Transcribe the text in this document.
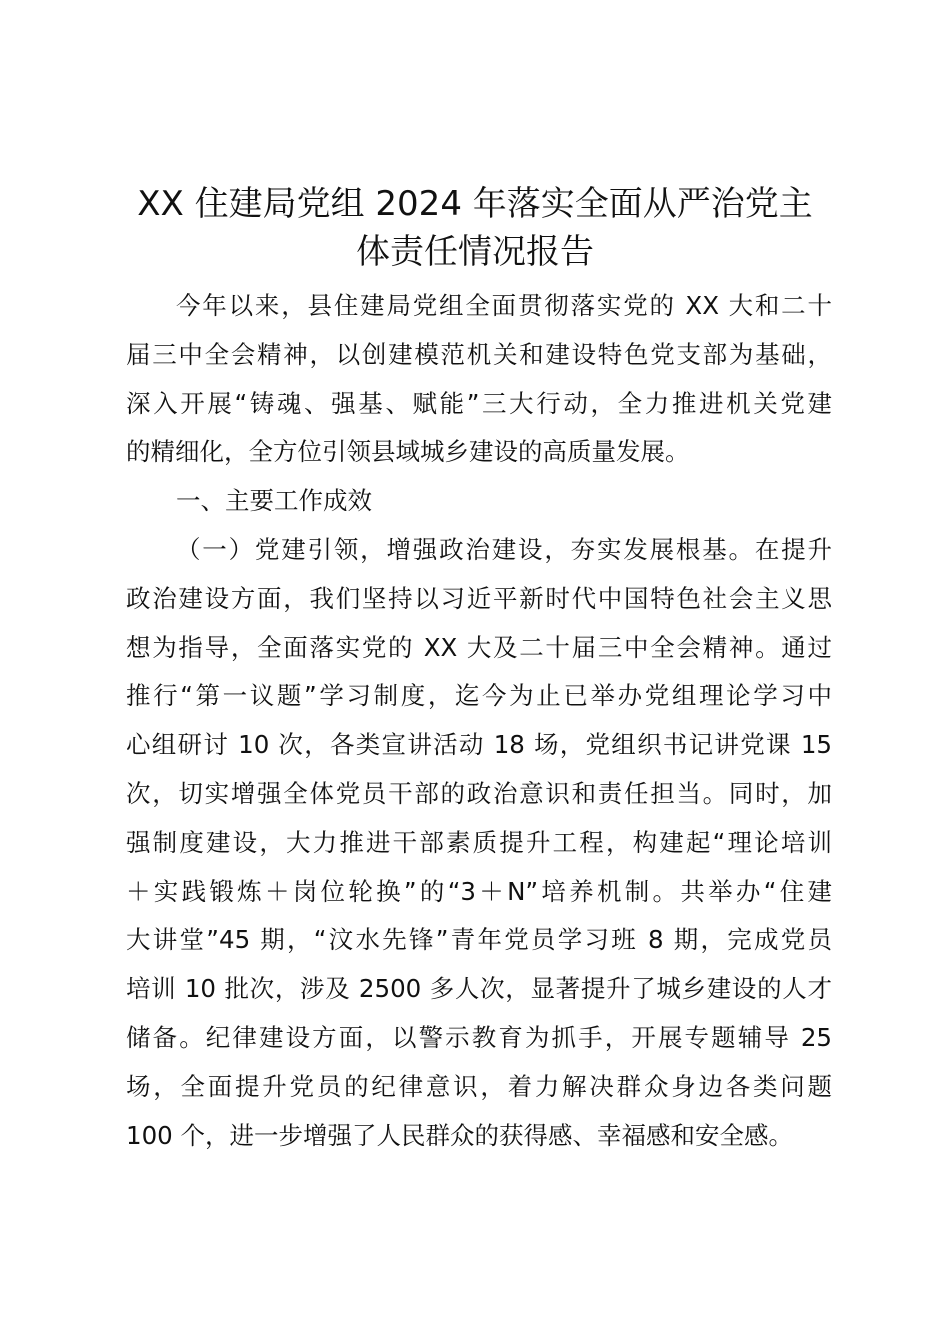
XX 住建局党组 2024 年落实全面从严治党主
体责任情况报告
今年以来，县住建局党组全面贯彻落实党的 XX 大和二十
届三中全会精神，以创建模范机关和建设特色党支部为基础，
深入开展“铸魂、强基、赋能”三大行动，全力推进机关党建
的精细化，全方位引领县域城乡建设的高质量发展。
一、主要工作成效
（一）党建引领，增强政治建设，夯实发展根基。在提升
政治建设方面，我们坚持以习近平新时代中国特色社会主义思
想为指导，全面落实党的 XX 大及二十届三中全会精神。通过
推行“第一议题”学习制度，迄今为止已举办党组理论学习中
心组研讨 10 次，各类宣讲活动 18 场，党组织书记讲党课 15
次，切实增强全体党员干部的政治意识和责任担当。同时，加
强制度建设，大力推进干部素质提升工程，构建起“理论培训
＋实践锻炼＋岗位轮换”的“3＋N”培养机制。共举办“住建
大讲堂”45 期，“汶水先锋”青年党员学习班 8 期，完成党员
培训 10 批次，涉及 2500 多人次，显著提升了城乡建设的人才
储备。纪律建设方面，以警示教育为抓手，开展专题辅导 25
场，全面提升党员的纪律意识，着力解决群众身边各类问题
100 个，进一步增强了人民群众的获得感、幸福感和安全感。
